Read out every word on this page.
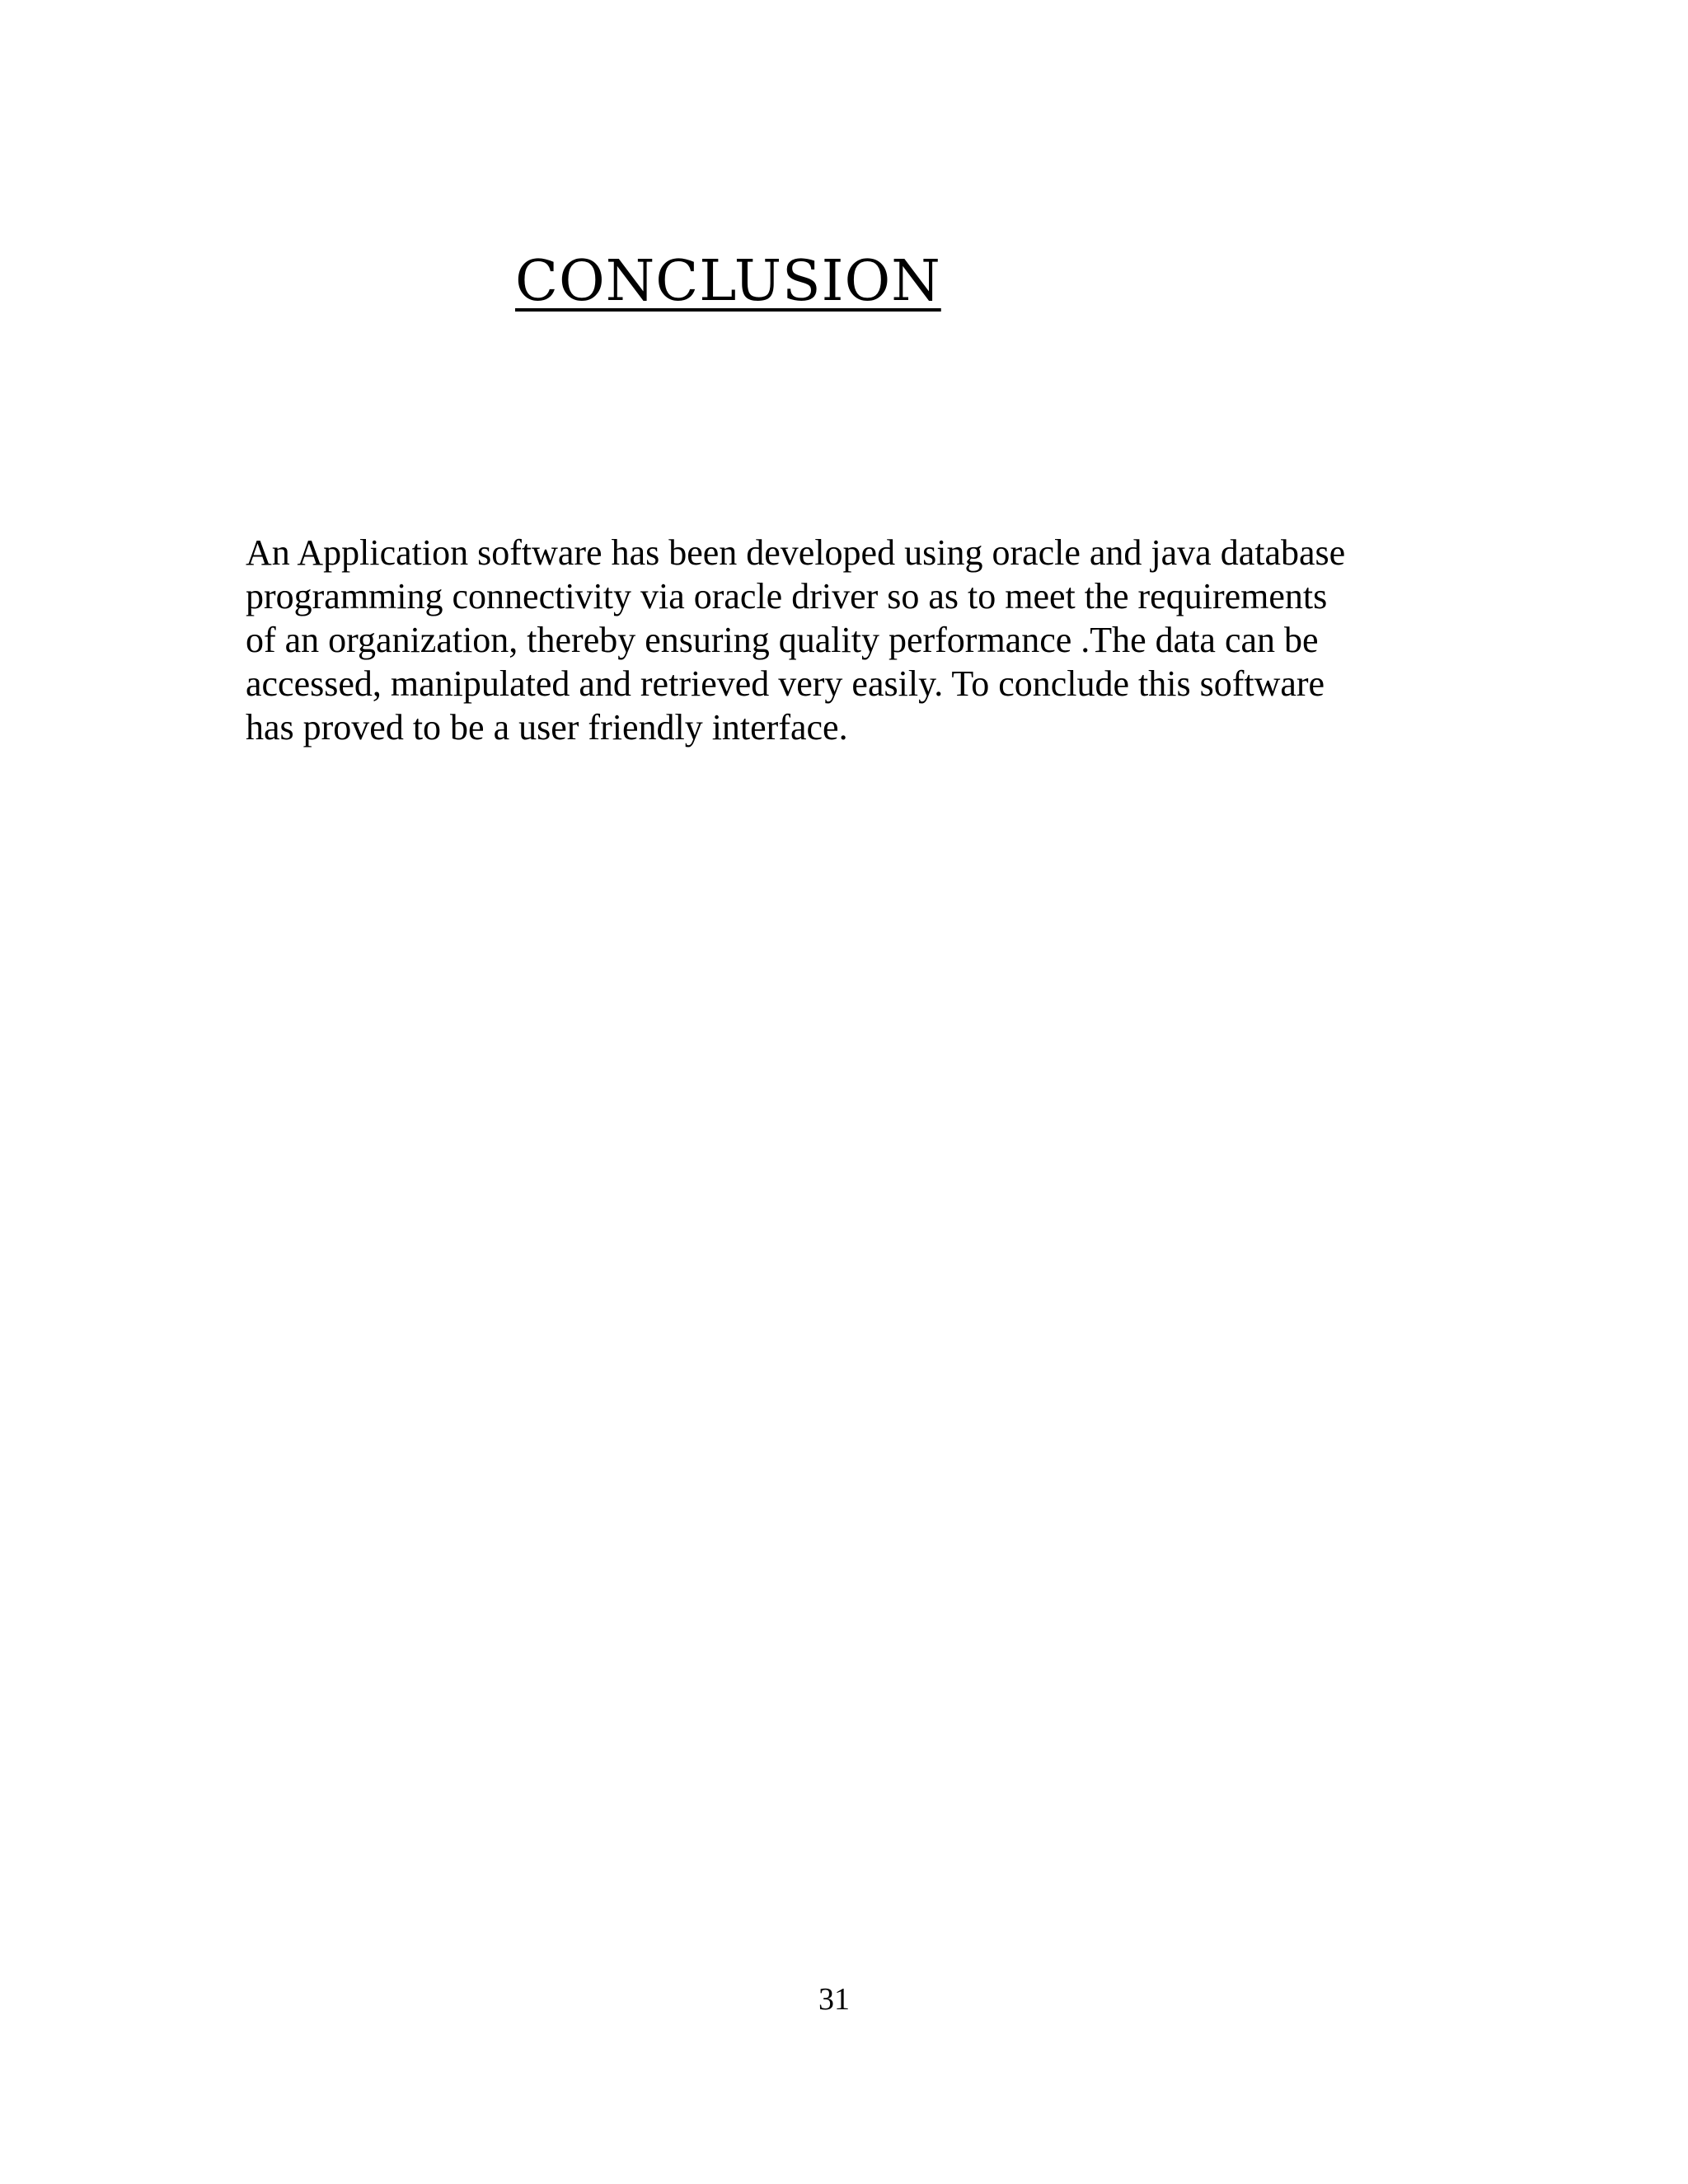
CONCLUSION

An Application software has been developed using oracle and java database
programming connectivity via oracle driver so as to meet the requirements
of an organization, thereby ensuring quality performance .The data can be
accessed, manipulated and retrieved very easily. To conclude this software
has proved to be a user friendly interface.

31
